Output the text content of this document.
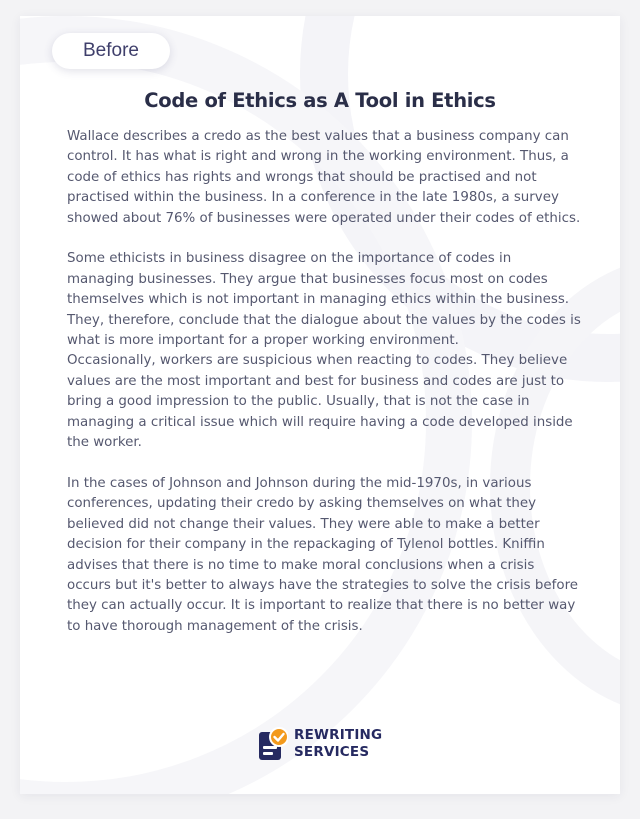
Before
Code of Ethics as A Tool in Ethics

Wallace describes a credo as the best values that a business company can control. It has what is right and wrong in the working environment. Thus, a code of ethics has rights and wrongs that should be practised and not practised within the business. In a conference in the late 1980s, a survey showed about 76% of businesses were operated under their codes of ethics.

Some ethicists in business disagree on the importance of codes in managing businesses. They argue that businesses focus most on codes themselves which is not important in managing ethics within the business. They, therefore, conclude that the dialogue about the values by the codes is what is more important for a proper working environment.

Occasionally, workers are suspicious when reacting to codes. They believe values are the most important and best for business and codes are just to bring a good impression to the public. Usually, that is not the case in managing a critical issue which will require having a code developed inside the worker.

In the cases of Johnson and Johnson during the mid-1970s, in various conferences, updating their credo by asking themselves on what they believed did not change their values. They were able to make a better decision for their company in the repackaging of Tylenol bottles. Kniffin advises that there is no time to make moral conclusions when a crisis occurs but it's better to always have the strategies to solve the crisis before they can actually occur. It is important to realize that there is no better way to have thorough management of the crisis.

REWRITING
SERVICES
